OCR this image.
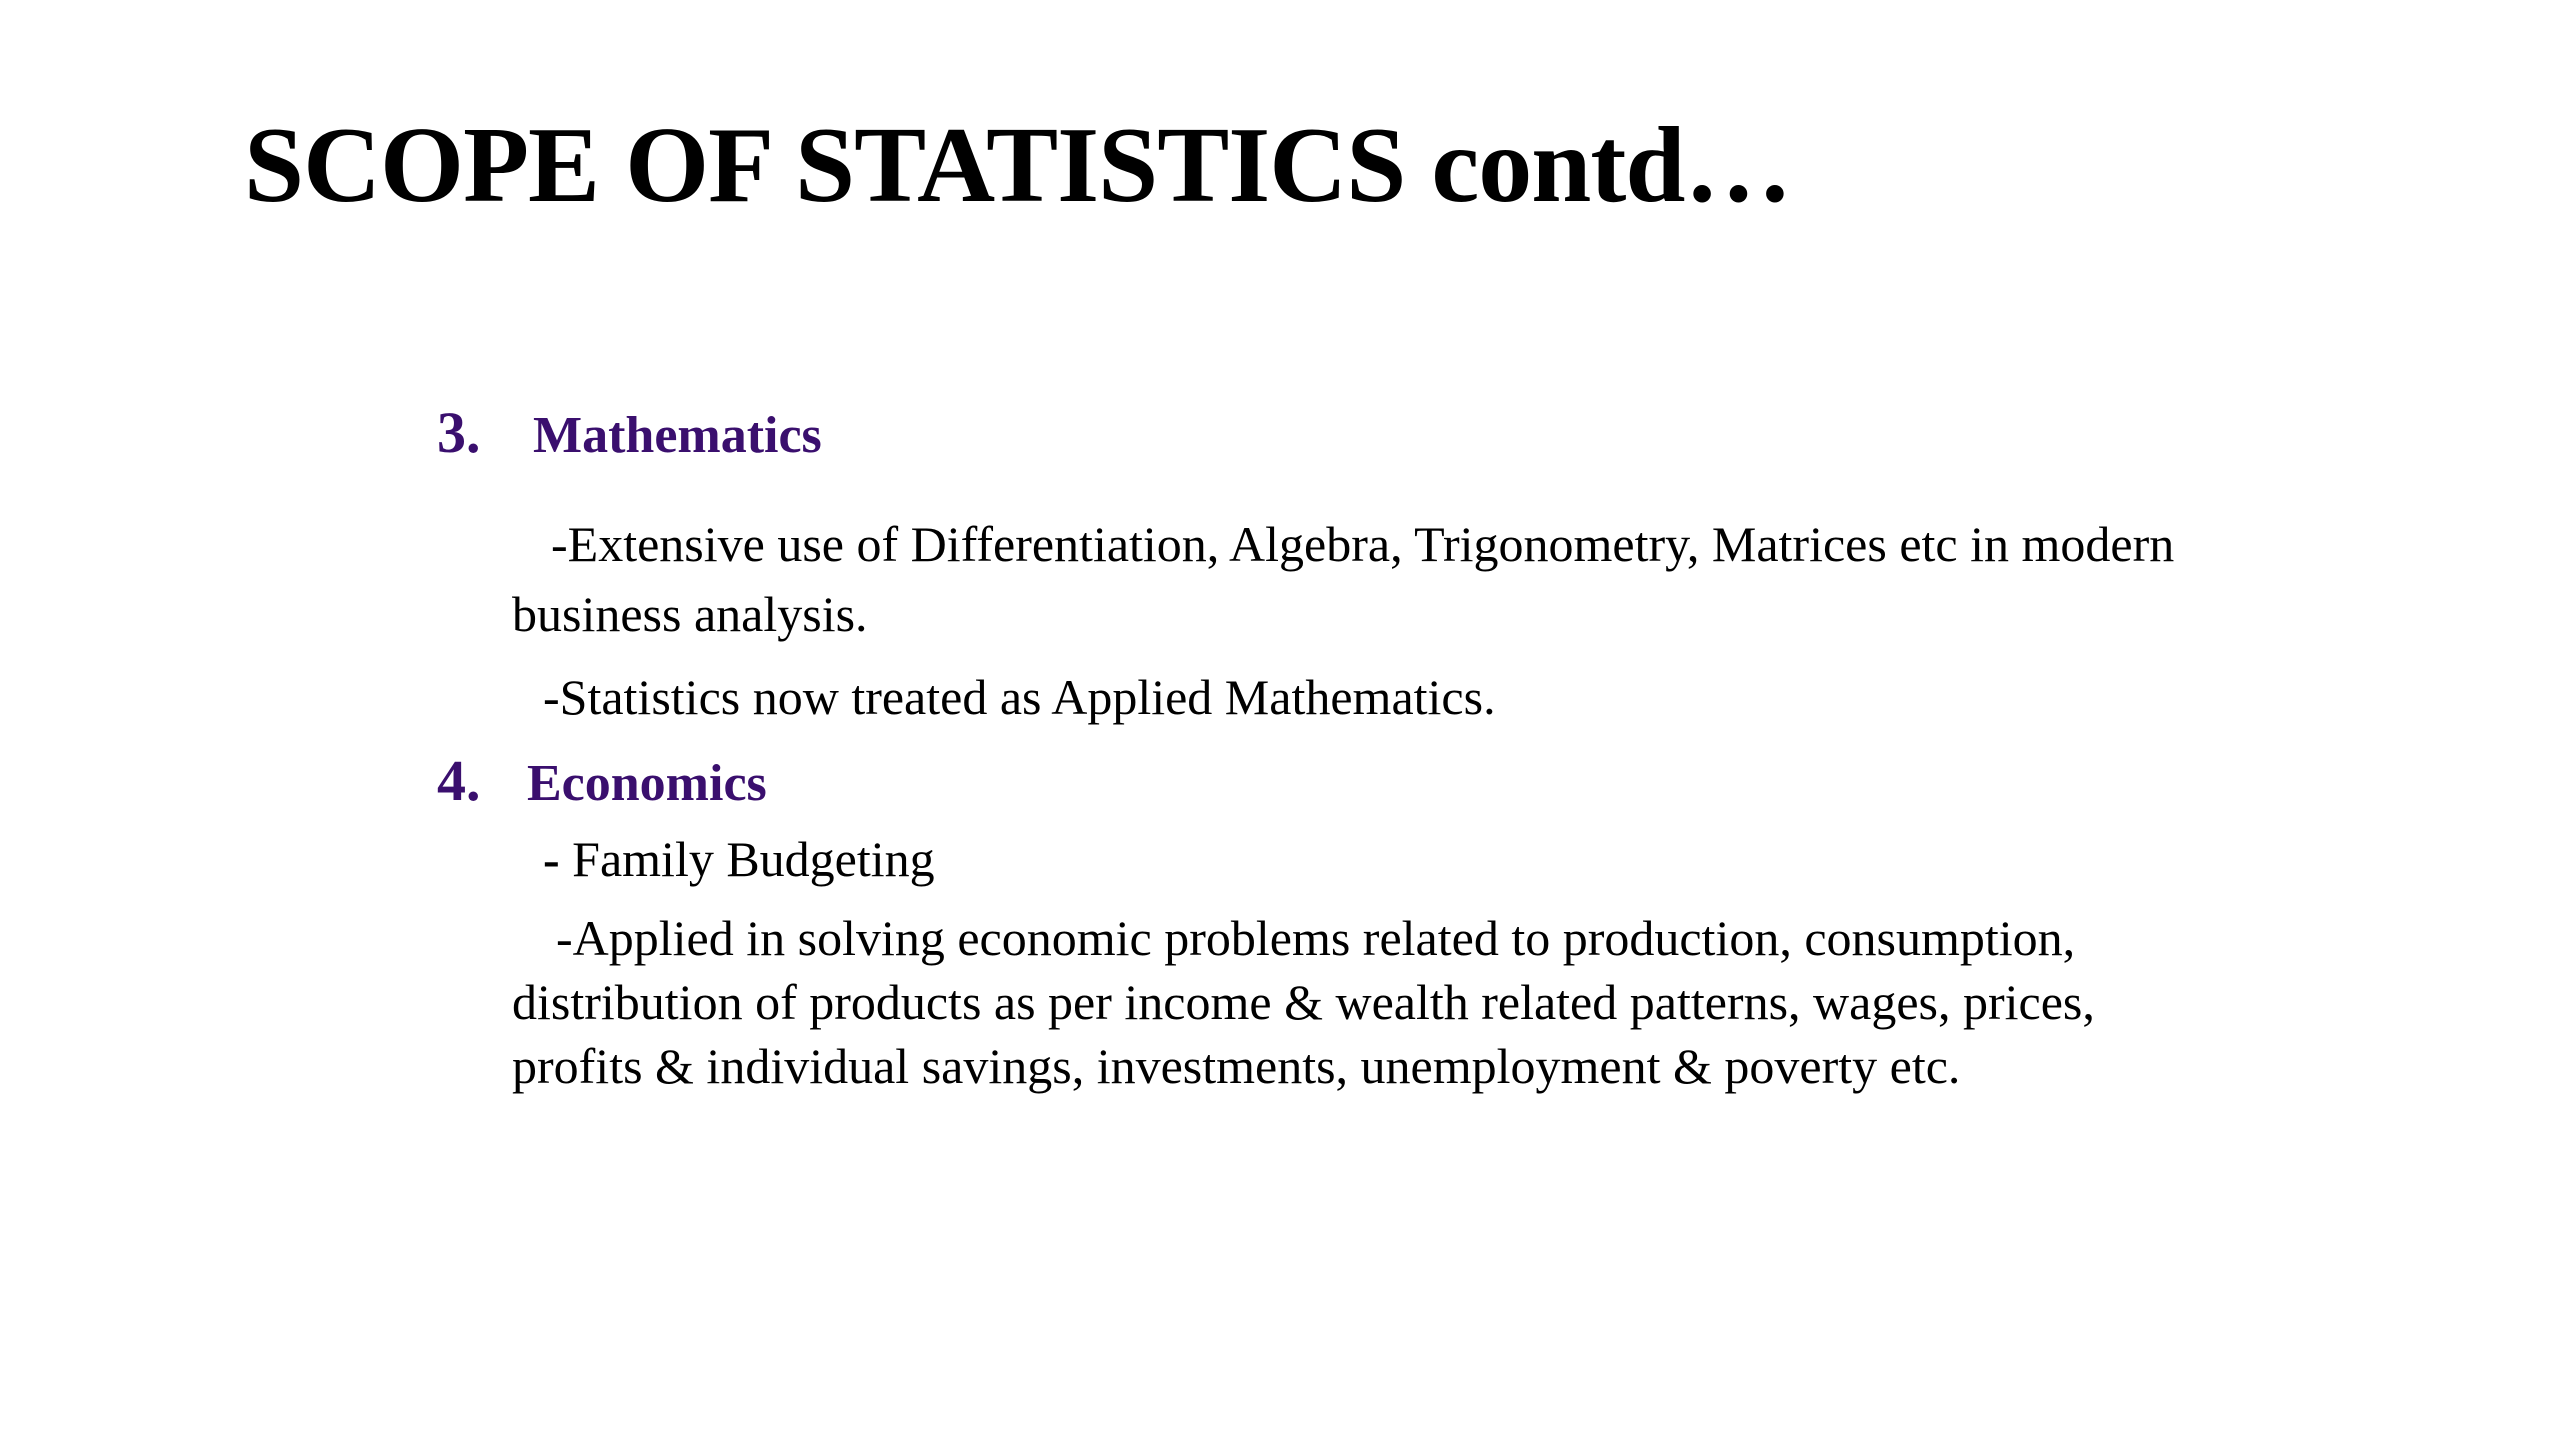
SCOPE OF STATISTICS contd…
3. Mathematics

-Extensive use of Differentiation, Algebra, Trigonometry, Matrices etc in modern

business analysis.

-Statistics now treated as Applied Mathematics.

4. Economics

- Family Budgeting

-Applied in solving economic problems related to production, consumption,
distribution of products as per income & wealth related patterns, wages, prices,
profits & individual savings, investments, unemployment & poverty etc.
